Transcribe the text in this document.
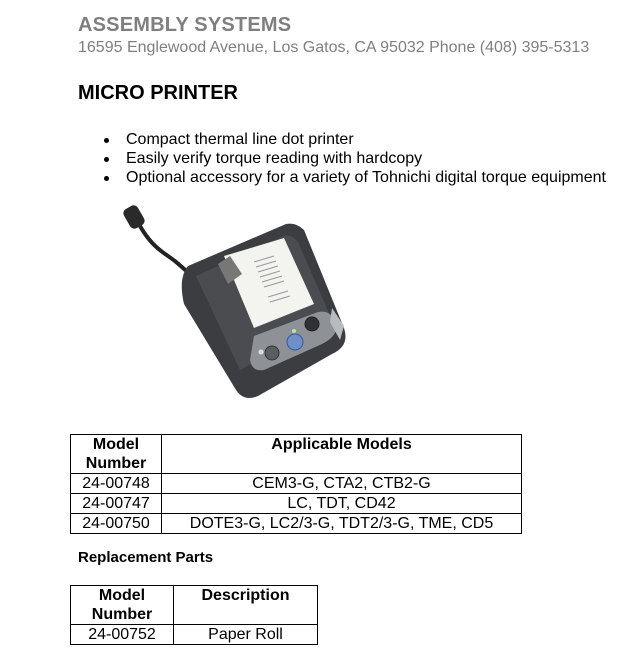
ASSEMBLY SYSTEMS
16595 Englewood Avenue, Los Gatos, CA 95032 Phone (408) 395-5313
MICRO PRINTER
Compact thermal line dot printer
Easily verify torque reading with hardcopy
Optional accessory for a variety of Tohnichi digital torque equipment
Model Number	Applicable Models
24-00748	CEM3-G, CTA2, CTB2-G
24-00747	LC, TDT, CD42
24-00750	DOTE3-G, LC2/3-G, TDT2/3-G, TME, CD5
Replacement Parts
Model Number	Description
24-00752	Paper Roll
